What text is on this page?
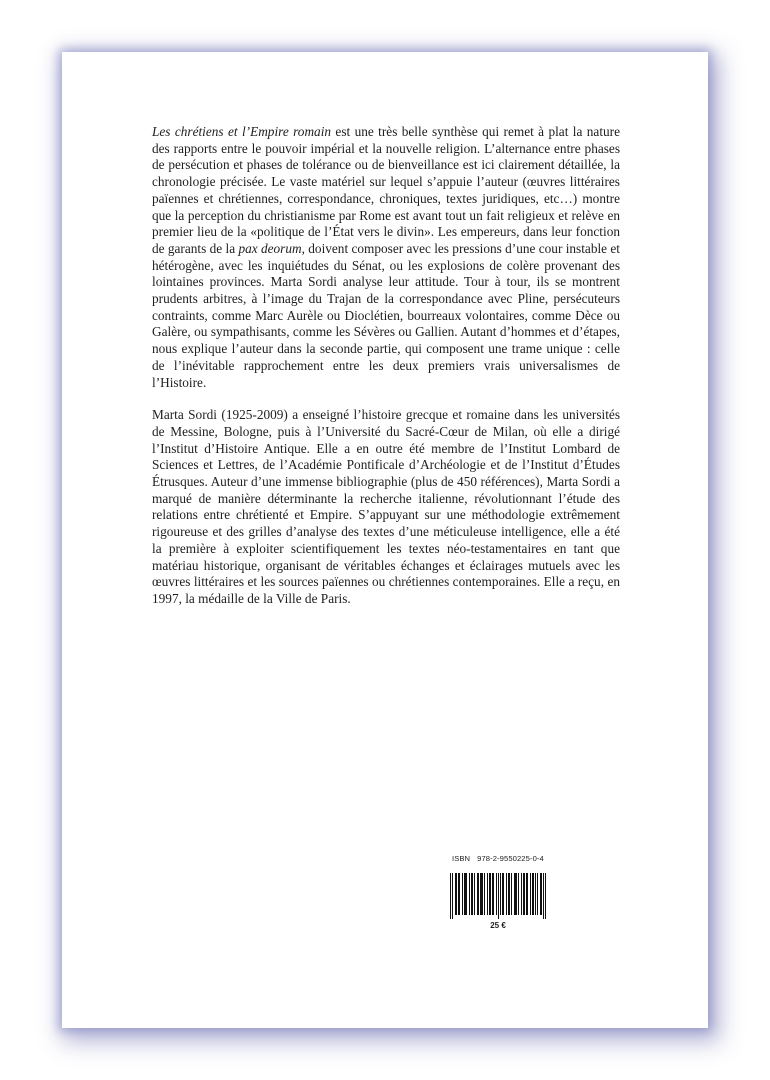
Les chrétiens et l’Empire romain est une très belle synthèse qui remet à plat la nature des rapports entre le pouvoir impérial et la nouvelle religion. L’alternance entre phases de persécution et phases de tolérance ou de bienveillance est ici clairement détaillée, la chronologie précisée. Le vaste matériel sur lequel s’appuie l’auteur (œuvres littéraires païennes et chrétiennes, correspondance, chroniques, textes juridiques, etc…) montre que la perception du christianisme par Rome est avant tout un fait religieux et relève en premier lieu de la «politique de l’État vers le divin». Les empereurs, dans leur fonction de garants de la pax deorum, doivent composer avec les pressions d’une cour instable et hétérogène, avec les inquiétudes du Sénat, ou les explosions de colère provenant des lointaines provinces. Marta Sordi analyse leur attitude. Tour à tour, ils se montrent prudents arbitres, à l’image du Trajan de la correspondance avec Pline, persécuteurs contraints, comme Marc Aurèle ou Dioclétien, bourreaux volontaires, comme Dèce ou Galère, ou sympathisants, comme les Sévères ou Gallien. Autant d’hommes et d’étapes, nous explique l’auteur dans la seconde partie, qui composent une trame unique : celle de l’inévitable rapprochement entre les deux premiers vrais universalismes de l’Histoire.

Marta Sordi (1925-2009) a enseigné l’histoire grecque et romaine dans les universités de Messine, Bologne, puis à l’Université du Sacré-Cœur de Milan, où elle a dirigé l’Institut d’Histoire Antique. Elle a en outre été membre de l’Institut Lombard de Sciences et Lettres, de l’Académie Pontificale d’Archéologie et de l’Institut d’Études Étrusques. Auteur d’une immense bibliographie (plus de 450 références), Marta Sordi a marqué de manière déterminante la recherche italienne, révolutionnant l’étude des relations entre chrétienté et Empire. S’appuyant sur une méthodologie extrêmement rigoureuse et des grilles d’analyse des textes d’une méticuleuse intelligence, elle a été la première à exploiter scientifiquement les textes néo-testamentaires en tant que matériau historique, organisant de véritables échanges et éclairages mutuels avec les œuvres littéraires et les sources païennes ou chrétiennes contemporaines. Elle a reçu, en 1997, la médaille de la Ville de Paris.

ISBN 978-2-9550225-0-4
25 €
